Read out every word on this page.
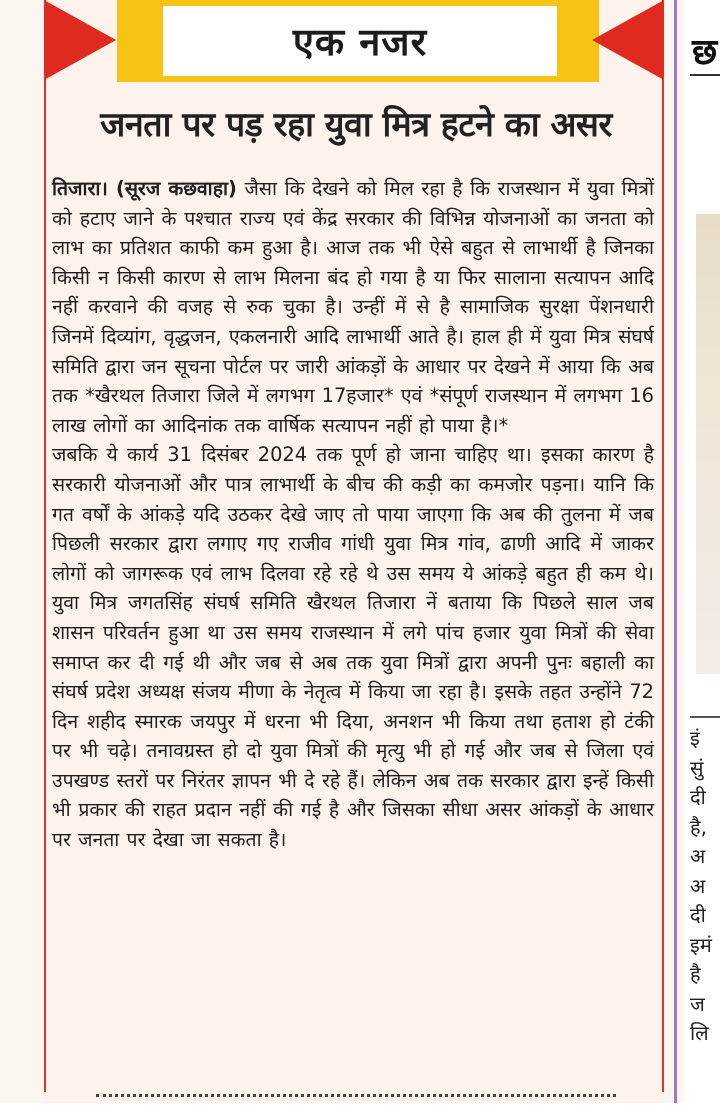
एक नजर
जनता पर पड़ रहा युवा मित्र हटने का असर

तिजारा। (सूरज कछवाहा) जैसा कि देखने को मिल रहा है कि राजस्थान में युवा मित्रों को हटाए जाने के पश्चात राज्य एवं केंद्र सरकार की विभिन्न योजनाओं का जनता को लाभ का प्रतिशत काफी कम हुआ है। आज तक भी ऐसे बहुत से लाभार्थी है जिनका किसी न किसी कारण से लाभ मिलना बंद हो गया है या फिर सालाना सत्यापन आदि नहीं करवाने की वजह से रुक चुका है। उन्हीं में से है सामाजिक सुरक्षा पेंशनधारी जिनमें दिव्यांग, वृद्धजन, एकलनारी आदि लाभार्थी आते है। हाल ही में युवा मित्र संघर्ष समिति द्वारा जन सूचना पोर्टल पर जारी आंकड़ों के आधार पर देखने में आया कि अब तक *खैरथल तिजारा जिले में लगभग 17हजार* एवं *संपूर्ण राजस्थान में लगभग 16 लाख लोगों का आदिनांक तक वार्षिक सत्यापन नहीं हो पाया है।*

जबकि ये कार्य 31 दिसंबर 2024 तक पूर्ण हो जाना चाहिए था। इसका कारण है सरकारी योजनाओं और पात्र लाभार्थी के बीच की कड़ी का कमजोर पड़ना। यानि कि गत वर्षों के आंकड़े यदि उठकर देखे जाए तो पाया जाएगा कि अब की तुलना में जब पिछली सरकार द्वारा लगाए गए राजीव गांधी युवा मित्र गांव, ढाणी आदि में जाकर लोगों को जागरूक एवं लाभ दिलवा रहे रहे थे उस समय ये आंकड़े बहुत ही कम थे। युवा मित्र जगतसिंह संघर्ष समिति खैरथल तिजारा नें बताया कि पिछले साल जब शासन परिवर्तन हुआ था उस समय राजस्थान में लगे पांच हजार युवा मित्रों की सेवा समाप्त कर दी गई थी और जब से अब तक युवा मित्रों द्वारा अपनी पुनः बहाली का संघर्ष प्रदेश अध्यक्ष संजय मीणा के नेतृत्व में किया जा रहा है। इसके तहत उन्होंने 72 दिन शहीद स्मारक जयपुर में धरना भी दिया, अनशन भी किया तथा हताश हो टंकी पर भी चढ़े। तनावग्रस्त हो दो युवा मित्रों की मृत्यु भी हो गई और जब से जिला एवं उपखण्ड स्तरों पर निरंतर ज्ञापन भी दे रहे हैं। लेकिन अब तक सरकार द्वारा इन्हें किसी भी प्रकार की राहत प्रदान नहीं की गई है और जिसका सीधा असर आंकड़ों के आधार पर जनता पर देखा जा सकता है।

छ
इं
सुं
दी
है,
अ
अ
दी
इमं
है
ज
लि
